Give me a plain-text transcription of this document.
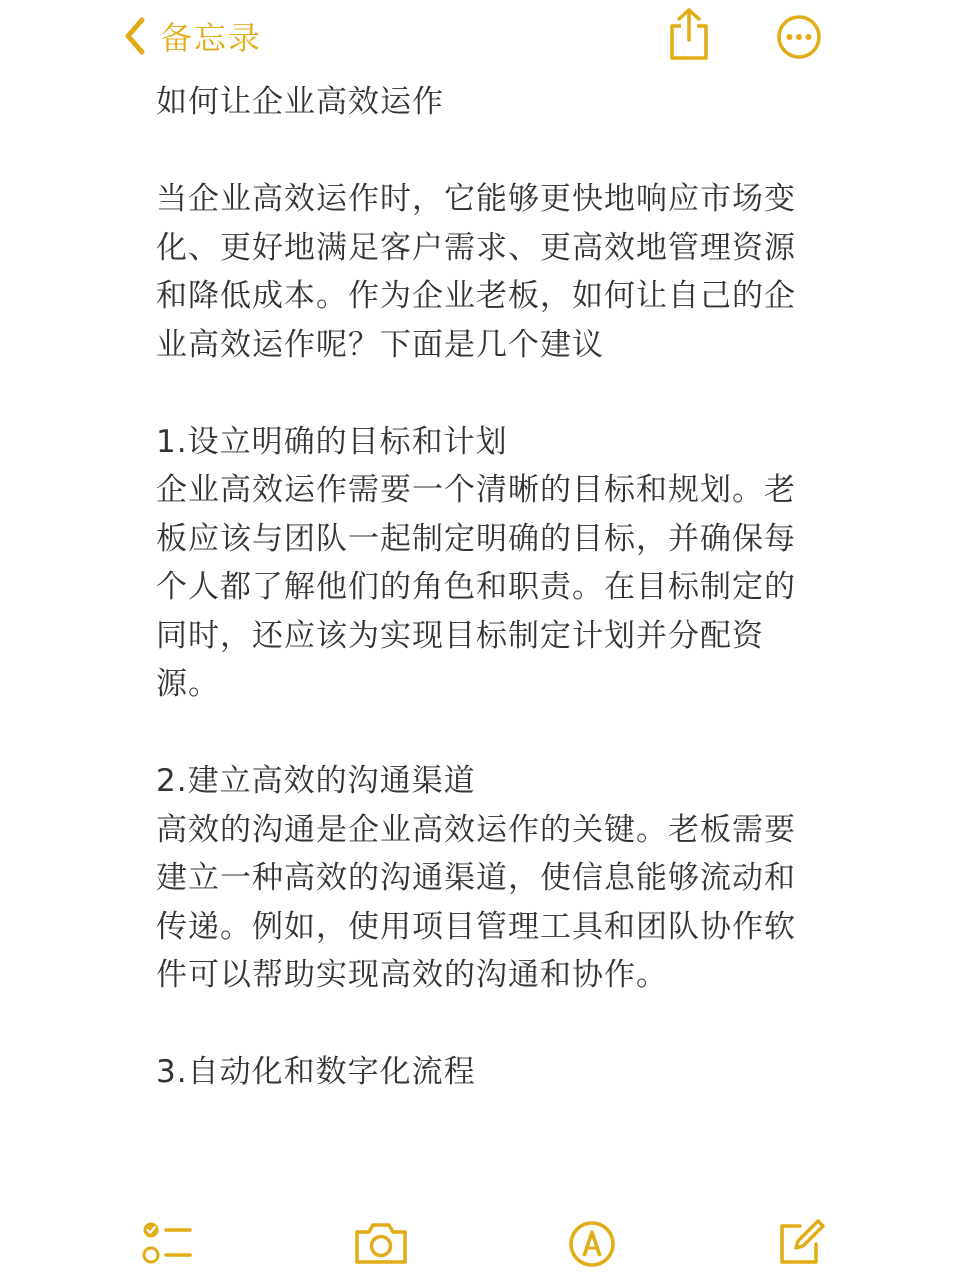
备忘录

如何让企业高效运作

当企业高效运作时，它能够更快地响应市场变化、更好地满足客户需求、更高效地管理资源和降低成本。作为企业老板，如何让自己的企业高效运作呢？下面是几个建议

1.设立明确的目标和计划

企业高效运作需要一个清晰的目标和规划。老板应该与团队一起制定明确的目标，并确保每个人都了解他们的角色和职责。在目标制定的同时，还应该为实现目标制定计划并分配资源。

2.建立高效的沟通渠道

高效的沟通是企业高效运作的关键。老板需要建立一种高效的沟通渠道，使信息能够流动和传递。例如，使用项目管理工具和团队协作软件可以帮助实现高效的沟通和协作。

3.自动化和数字化流程
